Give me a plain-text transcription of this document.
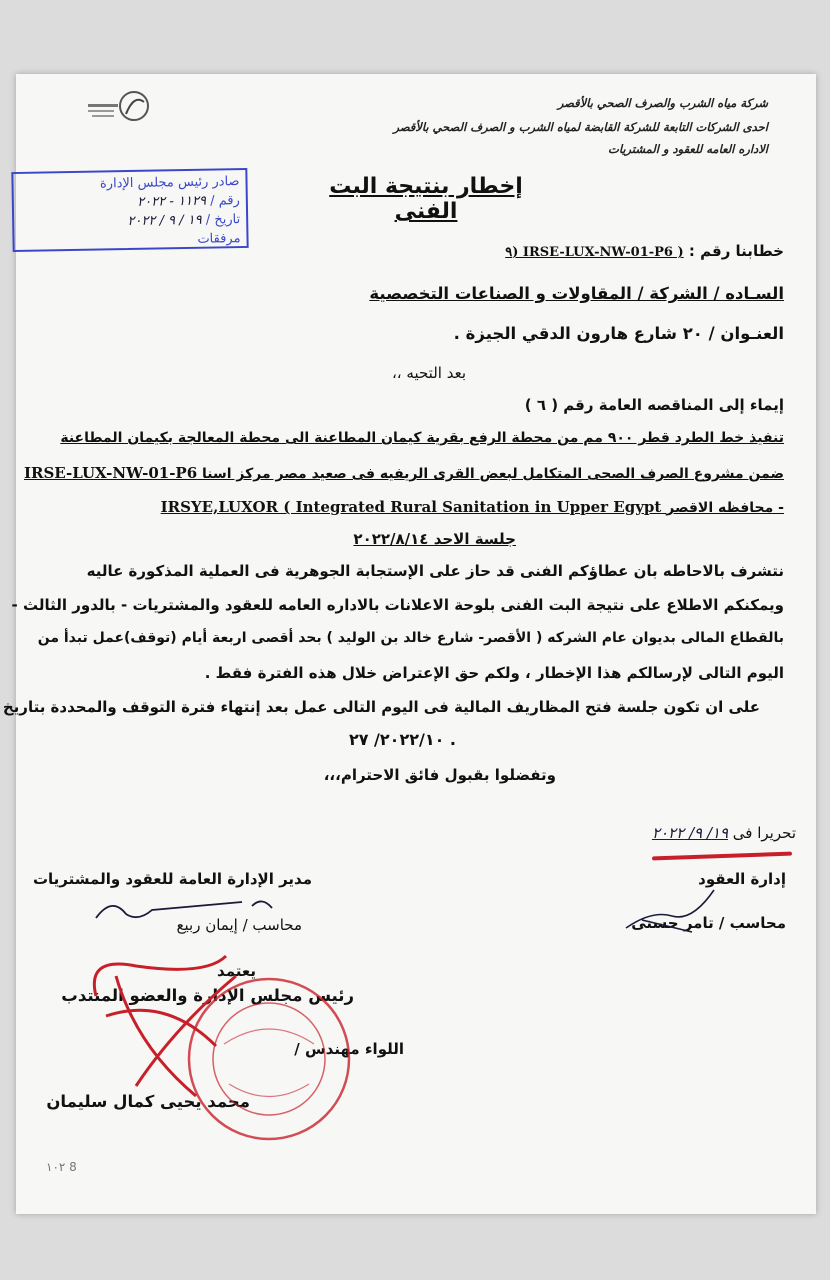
شركة مياه الشرب والصرف الصحي بالأقصر
احدى الشركات التابعة للشركة القابضة لمياه الشرب و الصرف الصحي بالأقصر
الاداره العامه للعقود و المشتريات
صادر رئيس مجلس الإدارة
رقم / ١١٢٩ - ٢٠٢٢
تاريخ / ١٩ / ٩ / ٢٠٢٢
مرفقات
إخطار بنتيجة البت الفنى
خطابنا رقم : ( IRSE-LUX-NW-01-P6 (٩
السـاده / الشركة / المقاولات و الصناعات التخصصية
العنـوان / ٢٠ شارع هارون الدقي الجيزة .
بعد التحيه ،،
إيماء إلى المناقصه العامة رقم ( ٦ )
تنفيذ خط الطرد قطر ٩٠٠ مم من محطة الرفع بقرية كيمان المطاعنة الى محطة المعالجة بكيمان المطاعنة
ضمن مشروع الصرف الصحى المتكامل لبعض القرى الريفيه فى صعيد مصر مركز اسنا IRSE-LUX-NW-01-P6
- محافظه الاقصر IRSYE,LUXOR ( Integrated Rural Sanitation in Upper Egypt
جلسة الاحد ٢٠٢٢/٨/١٤
نتشرف بالاحاطه بان عطاؤكم الفنى قد حاز على الإستجابة الجوهرية فى العملية المذكورة عاليه
ويمكنكم الاطلاع على نتيجة البت الفنى بلوحة الاعلانات بالاداره العامه للعقود والمشتريات - بالدور الثالث -
بالقطاع المالى بديوان عام الشركه ( الأقصر- شارع خالد بن الوليد ) بحد أقصى اربعة أيام (توقف)عمل تبدأ من
اليوم التالى لإرسالكم هذا الإخطار ، ولكم حق الإعتراض خلال هذه الفترة فقط .
على ان تكون جلسة فتح المظاريف المالية فى اليوم التالى عمل بعد إنتهاء فترة التوقف والمحددة بتاريخ
٢٠٢٢/١٠/ ٢٧ .
وتفضلوا بقبول فائق الاحترام،،،
تحريرا فى ١٩/ ٩/ ٢٠٢٢
إدارة العقود
محاسب / تامر حسنى
مدير الإدارة العامة للعقود والمشتريات
محاسب / إيمان ربيع
يعتمد
رئيس مجلس الإدارة والعضو المنتدب
اللواء مهندس /
محمد يحيى كمال سليمان
١٠٢ 8
